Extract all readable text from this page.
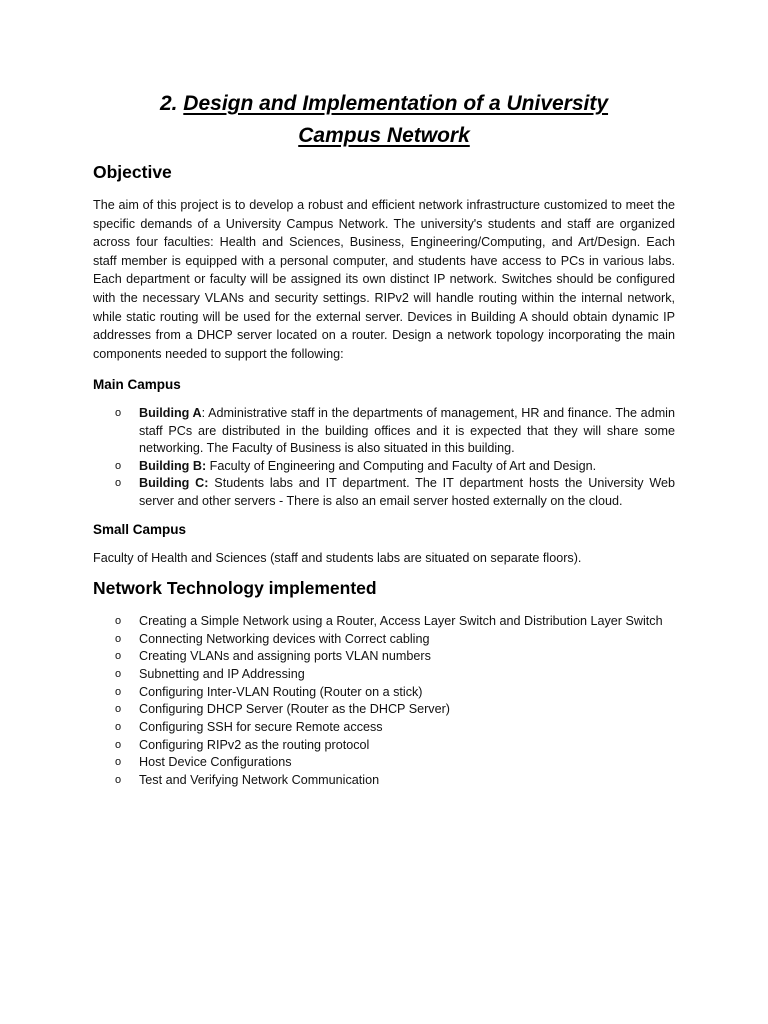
2. Design and Implementation of a University
Campus Network
Objective

The aim of this project is to develop a robust and efficient network infrastructure customized to meet the specific demands of a University Campus Network. The university's students and staff are organized across four faculties: Health and Sciences, Business, Engineering/Computing, and Art/Design. Each staff member is equipped with a personal computer, and students have access to PCs in various labs. Each department or faculty will be assigned its own distinct IP network. Switches should be configured with the necessary VLANs and security settings. RIPv2 will handle routing within the internal network, while static routing will be used for the external server. Devices in Building A should obtain dynamic IP addresses from a DHCP server located on a router. Design a network topology incorporating the main components needed to support the following:

Main Campus
o Building A: Administrative staff in the departments of management, HR and finance. The admin staff PCs are distributed in the building offices and it is expected that they will share some networking. The Faculty of Business is also situated in this building.
o Building B: Faculty of Engineering and Computing and Faculty of Art and Design.
o Building C: Students labs and IT department. The IT department hosts the University Web server and other servers - There is also an email server hosted externally on the cloud.
Small Campus

Faculty of Health and Sciences (staff and students labs are situated on separate floors).

Network Technology implemented
o Creating a Simple Network using a Router, Access Layer Switch and Distribution Layer Switch
o Connecting Networking devices with Correct cabling
o Creating VLANs and assigning ports VLAN numbers
o Subnetting and IP Addressing
o Configuring Inter-VLAN Routing (Router on a stick)
o Configuring DHCP Server (Router as the DHCP Server)
o Configuring SSH for secure Remote access
o Configuring RIPv2 as the routing protocol
o Host Device Configurations
o Test and Verifying Network Communication
